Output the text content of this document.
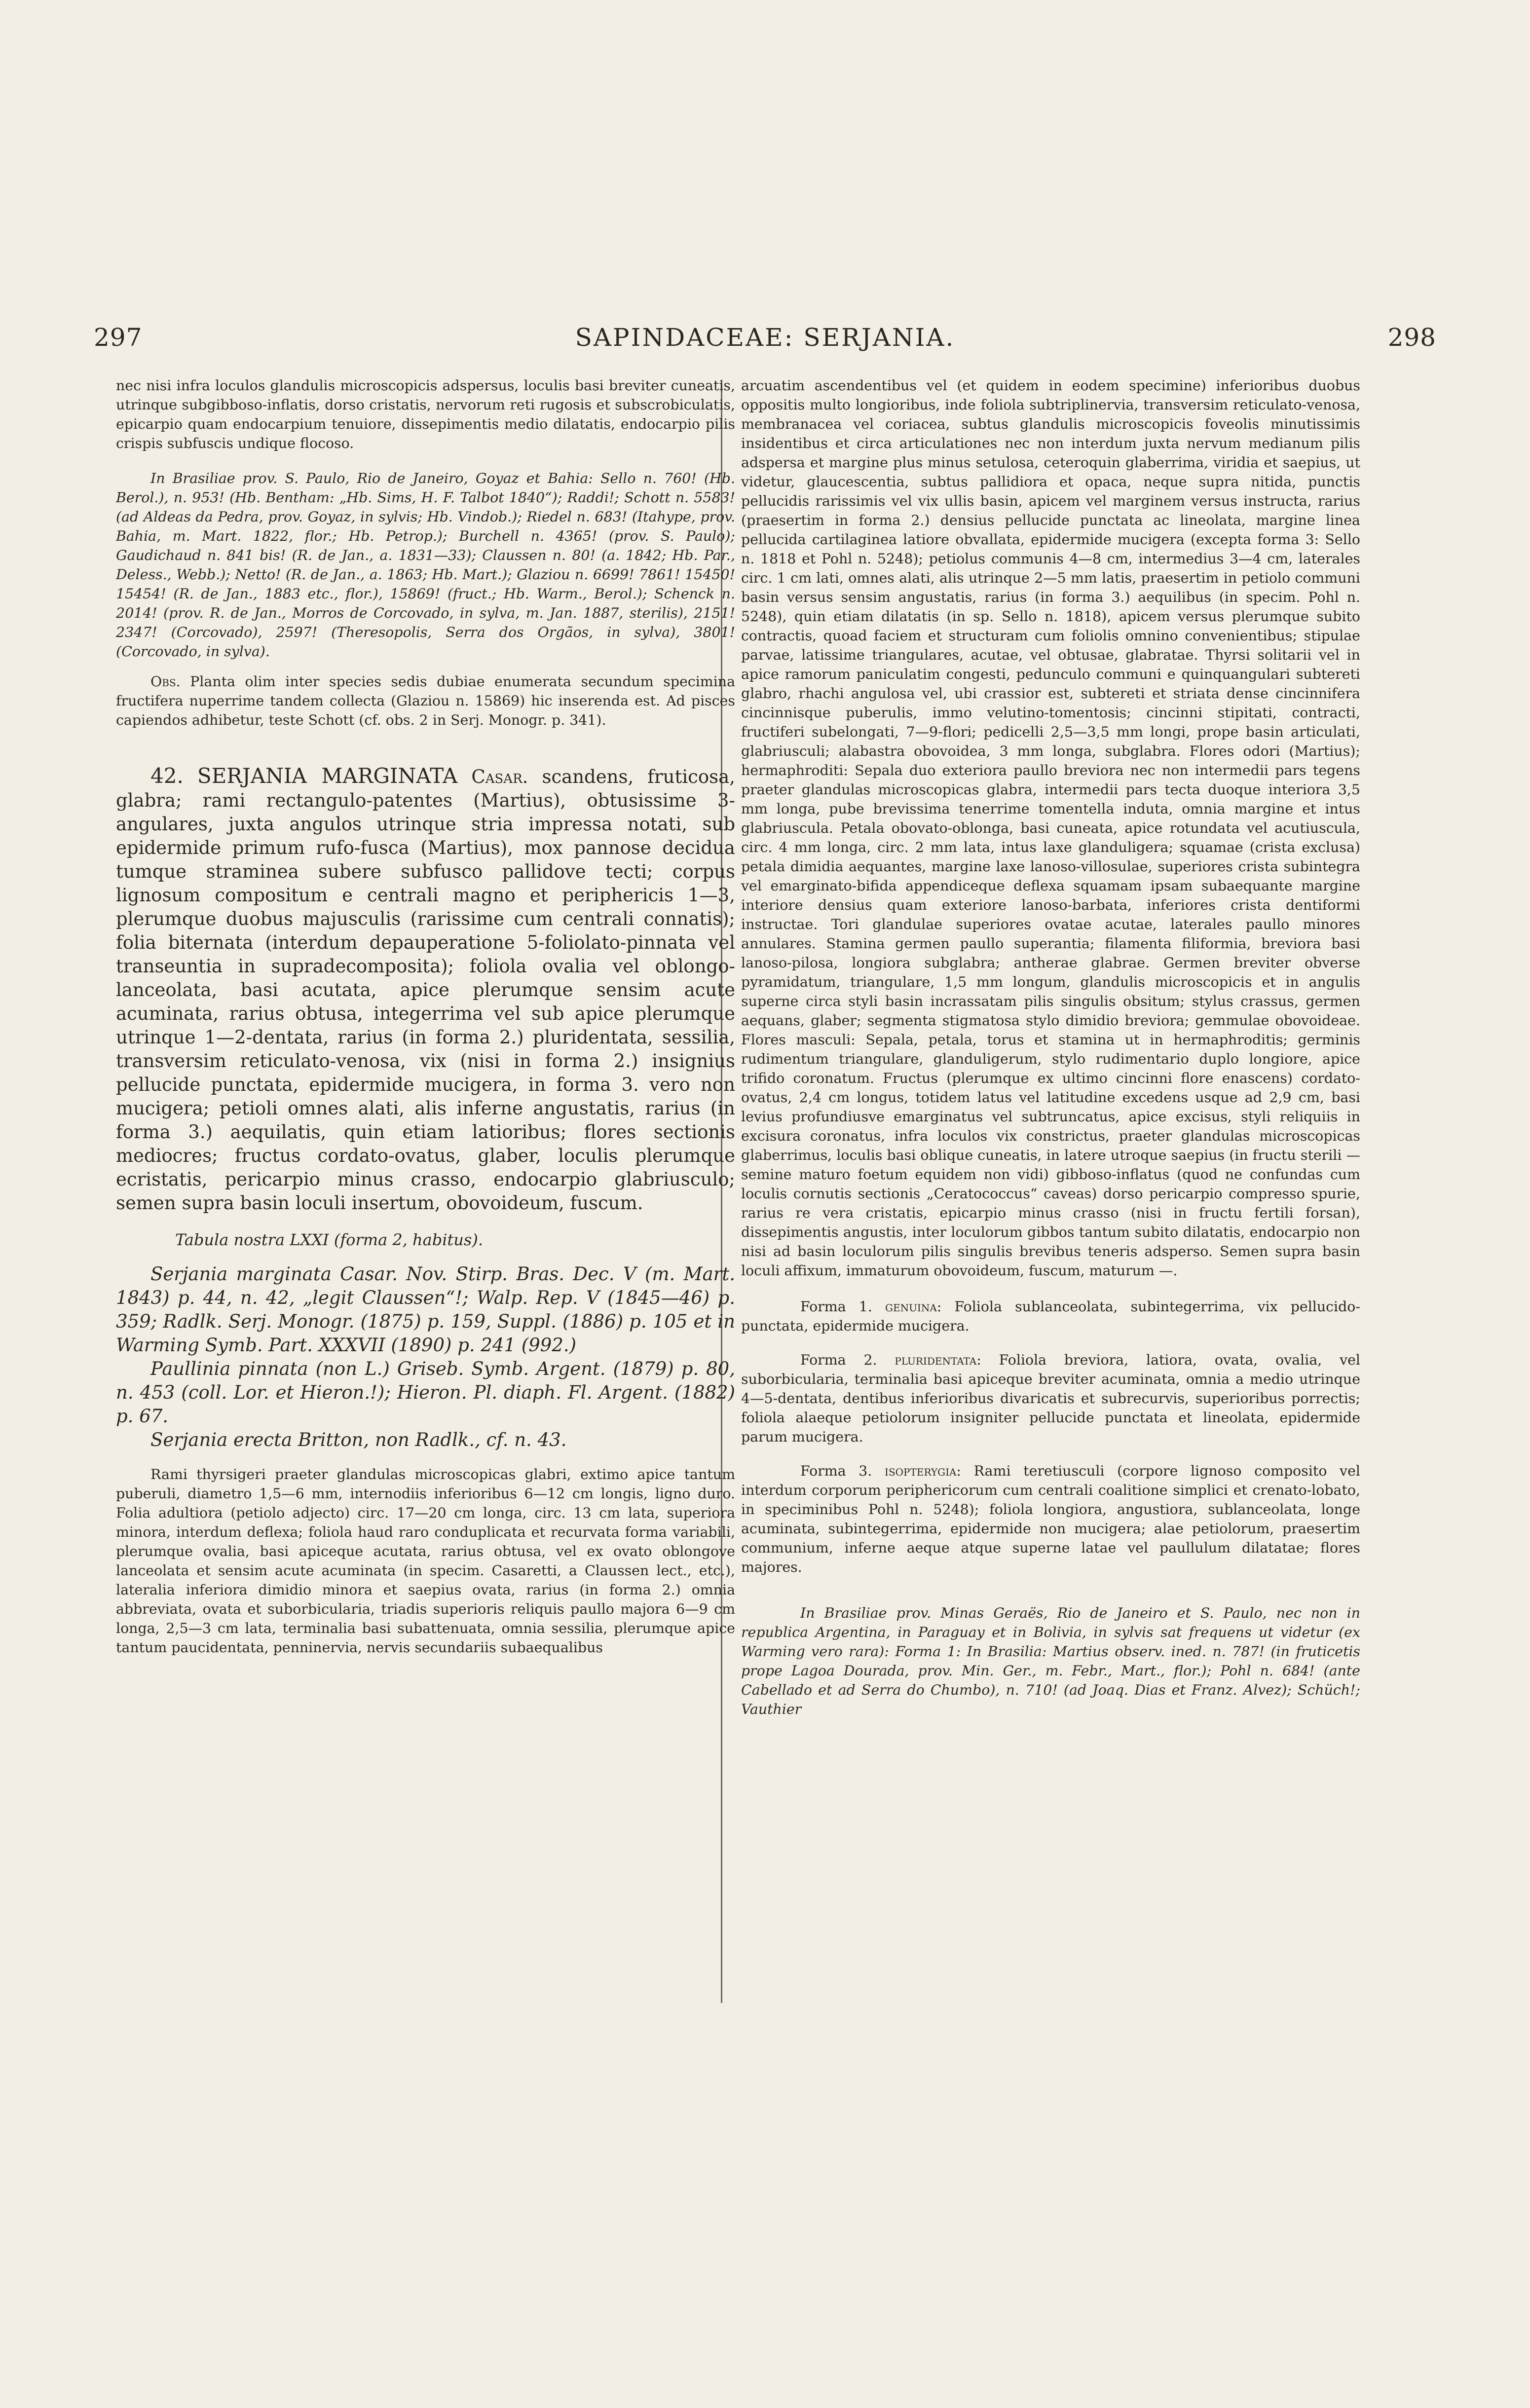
297	SAPINDACEAE: SERJANIA.	298

nec nisi infra loculos glandulis microscopicis adspersus, loculis basi breviter cuneatis, utrinque subgibboso-inflatis, dorso cristatis, nervorum reti rugosis et subscrobiculatis, epicarpio quam endocarpium tenuiore, dissepimentis medio dilatatis, endocarpio pilis crispis subfuscis undique flocoso.

In Brasiliae prov. S. Paulo, Rio de Janeiro, Goyaz et Bahia: Sello n. 760! (Hb. Berol.), n. 953! (Hb. Bentham: „Hb. Sims, H. F. Talbot 1840“); Raddi!; Schott n. 5583! (ad Aldeas da Pedra, prov. Goyaz, in sylvis; Hb. Vindob.); Riedel n. 683! (Itahype, prov. Bahia, m. Mart. 1822, flor.; Hb. Petrop.); Burchell n. 4365! (prov. S. Paulo); Gaudichaud n. 841 bis! (R. de Jan., a. 1831—33); Claussen n. 80! (a. 1842; Hb. Par., Deless., Webb.); Netto! (R. de Jan., a. 1863; Hb. Mart.); Glaziou n. 6699! 7861! 15450! 15454! (R. de Jan., 1883 etc., flor.), 15869! (fruct.; Hb. Warm., Berol.); Schenck n. 2014! (prov. R. de Jan., Morros de Corcovado, in sylva, m. Jan. 1887, sterilis), 2151! 2347! (Corcovado), 2597! (Theresopolis, Serra dos Orgãos, in sylva), 3801! (Corcovado, in sylva).

Obs. Planta olim inter species sedis dubiae enumerata secundum specimina fructifera nuperrime tandem collecta (Glaziou n. 15869) hic inserenda est. Ad pisces capiendos adhibetur, teste Schott (cf. obs. 2 in Serj. Monogr. p. 341).

42. SERJANIA MARGINATA Casar. scandens, fruticosa, glabra; rami rectangulo-patentes (Martius), obtusissime 3-angulares, juxta angulos utrinque stria impressa notati, sub epidermide primum rufo-fusca (Martius), mox pannose decidua tumque straminea subere subfusco pallidove tecti; corpus lignosum compositum e centrali magno et periphericis 1—3, plerumque duobus majusculis (rarissime cum centrali connatis); folia biternata (interdum depauperatione 5-foliolato-pinnata vel transeuntia in supradecomposita); foliola ovalia vel oblongo-lanceolata, basi acutata, apice plerumque sensim acute acuminata, rarius obtusa, integerrima vel sub apice plerumque utrinque 1—2-dentata, rarius (in forma 2.) pluridentata, sessilia, transversim reticulato-venosa, vix (nisi in forma 2.) insignius pellucide punctata, epidermide mucigera, in forma 3. vero non mucigera; petioli omnes alati, alis inferne angustatis, rarius (in forma 3.) aequilatis, quin etiam latioribus; flores sectionis mediocres; fructus cordato-ovatus, glaber, loculis plerumque ecristatis, pericarpio minus crasso, endocarpio glabriusculo; semen supra basin loculi insertum, obovoideum, fuscum.

Tabula nostra LXXI (forma 2, habitus).

Serjania marginata Casar. Nov. Stirp. Bras. Dec. V (m. Mart. 1843) p. 44, n. 42, „legit Claussen“!; Walp. Rep. V (1845—46) p. 359; Radlk. Serj. Monogr. (1875) p. 159, Suppl. (1886) p. 105 et in Warming Symb. Part. XXXVII (1890) p. 241 (992.)

Paullinia pinnata (non L.) Griseb. Symb. Argent. (1879) p. 80, n. 453 (coll. Lor. et Hieron.!); Hieron. Pl. diaph. Fl. Argent. (1882) p. 67.

Serjania erecta Britton, non Radlk., cf. n. 43.

Rami thyrsigeri praeter glandulas microscopicas glabri, extimo apice tantum puberuli, diametro 1,5—6 mm, internodiis inferioribus 6—12 cm longis, ligno duro. Folia adultiora (petiolo adjecto) circ. 17—20 cm longa, circ. 13 cm lata, superiora minora, interdum deflexa; foliola haud raro conduplicata et recurvata forma variabili, plerumque ovalia, basi apiceque acutata, rarius obtusa, vel ex ovato oblongove lanceolata et sensim acute acuminata (in specim. Casaretti, a Claussen lect., etc.), lateralia inferiora dimidio minora et saepius ovata, rarius (in forma 2.) omnia abbreviata, ovata et suborbicularia, triadis superioris reliquis paullo majora 6—9 cm longa, 2,5—3 cm lata, terminalia basi subattenuata, omnia sessilia, plerumque apice tantum paucidentata, penninervia, nervis secundariis subaequalibus

arcuatim ascendentibus vel (et quidem in eodem specimine) inferioribus duobus oppositis multo longioribus, inde foliola subtriplinervia, transversim reticulato-venosa, membranacea vel coriacea, subtus glandulis microscopicis foveolis minutissimis insidentibus et circa articulationes nec non interdum juxta nervum medianum pilis adspersa et margine plus minus setulosa, ceteroquin glaberrima, viridia et saepius, ut videtur, glaucescentia, subtus pallidiora et opaca, neque supra nitida, punctis pellucidis rarissimis vel vix ullis basin, apicem vel marginem versus instructa, rarius (praesertim in forma 2.) densius pellucide punctata ac lineolata, margine linea pellucida cartilaginea latiore obvallata, epidermide mucigera (excepta forma 3: Sello n. 1818 et Pohl n. 5248); petiolus communis 4—8 cm, intermedius 3—4 cm, laterales circ. 1 cm lati, omnes alati, alis utrinque 2—5 mm latis, praesertim in petiolo communi basin versus sensim angustatis, rarius (in forma 3.) aequilibus (in specim. Pohl n. 5248), quin etiam dilatatis (in sp. Sello n. 1818), apicem versus plerumque subito contractis, quoad faciem et structuram cum foliolis omnino convenientibus; stipulae parvae, latissime triangulares, acutae, vel obtusae, glabratae. Thyrsi solitarii vel in apice ramorum paniculatim congesti, pedunculo communi e quinquangulari subtereti glabro, rhachi angulosa vel, ubi crassior est, subtereti et striata dense cincinnifera cincinnisque puberulis, immo velutino-tomentosis; cincinni stipitati, contracti, fructiferi subelongati, 7—9-flori; pedicelli 2,5—3,5 mm longi, prope basin articulati, glabriusculi; alabastra obovoidea, 3 mm longa, subglabra. Flores odori (Martius); hermaphroditi: Sepala duo exteriora paullo breviora nec non intermedii pars tegens praeter glandulas microscopicas glabra, intermedii pars tecta duoque interiora 3,5 mm longa, pube brevissima tenerrime tomentella induta, omnia margine et intus glabriuscula. Petala obovato-oblonga, basi cuneata, apice rotundata vel acutiuscula, circ. 4 mm longa, circ. 2 mm lata, intus laxe glanduligera; squamae (crista exclusa) petala dimidia aequantes, margine laxe lanoso-villosulae, superiores crista subintegra vel emarginato-bifida appendiceque deflexa squamam ipsam subaequante margine interiore densius quam exteriore lanoso-barbata, inferiores crista dentiformi instructae. Tori glandulae superiores ovatae acutae, laterales paullo minores annulares. Stamina germen paullo superantia; filamenta filiformia, breviora basi lanoso-pilosa, longiora subglabra; antherae glabrae. Germen breviter obverse pyramidatum, triangulare, 1,5 mm longum, glandulis microscopicis et in angulis superne circa styli basin incrassatam pilis singulis obsitum; stylus crassus, germen aequans, glaber; segmenta stigmatosa stylo dimidio breviora; gemmulae obovoideae. Flores masculi: Sepala, petala, torus et stamina ut in hermaphroditis; germinis rudimentum triangulare, glanduligerum, stylo rudimentario duplo longiore, apice trifido coronatum. Fructus (plerumque ex ultimo cincinni flore enascens) cordato-ovatus, 2,4 cm longus, totidem latus vel latitudine excedens usque ad 2,9 cm, basi levius profundiusve emarginatus vel subtruncatus, apice excisus, styli reliquiis in excisura coronatus, infra loculos vix constrictus, praeter glandulas microscopicas glaberrimus, loculis basi oblique cuneatis, in latere utroque saepius (in fructu sterili — semine maturo foetum equidem non vidi) gibboso-inflatus (quod ne confundas cum loculis cornutis sectionis „Ceratococcus“ caveas) dorso pericarpio compresso spurie, rarius re vera cristatis, epicarpio minus crasso (nisi in fructu fertili forsan), dissepimentis angustis, inter loculorum gibbos tantum subito dilatatis, endocarpio non nisi ad basin loculorum pilis singulis brevibus teneris adsperso. Semen supra basin loculi affixum, immaturum obovoideum, fuscum, maturum —.

Forma 1. genuina: Foliola sublanceolata, subintegerrima, vix pellucido-punctata, epidermide mucigera.

Forma 2. pluridentata: Foliola breviora, latiora, ovata, ovalia, vel suborbicularia, terminalia basi apiceque breviter acuminata, omnia a medio utrinque 4—5-dentata, dentibus inferioribus divaricatis et subrecurvis, superioribus porrectis; foliola alaeque petiolorum insigniter pellucide punctata et lineolata, epidermide parum mucigera.

Forma 3. isopterygia: Rami teretiusculi (corpore lignoso composito vel interdum corporum periphericorum cum centrali coalitione simplici et crenato-lobato, in speciminibus Pohl n. 5248); foliola longiora, angustiora, sublanceolata, longe acuminata, subintegerrima, epidermide non mucigera; alae petiolorum, praesertim communium, inferne aeque atque superne latae vel paullulum dilatatae; flores majores.

In Brasiliae prov. Minas Geraës, Rio de Janeiro et S. Paulo, nec non in republica Argentina, in Paraguay et in Bolivia, in sylvis sat frequens ut videtur (ex Warming vero rara): Forma 1: In Brasilia: Martius observ. ined. n. 787! (in fruticetis prope Lagoa Dourada, prov. Min. Ger., m. Febr., Mart., flor.); Pohl n. 684! (ante Cabellado et ad Serra do Chumbo), n. 710! (ad Joaq. Dias et Franz. Alvez); Schüch!; Vauthier
